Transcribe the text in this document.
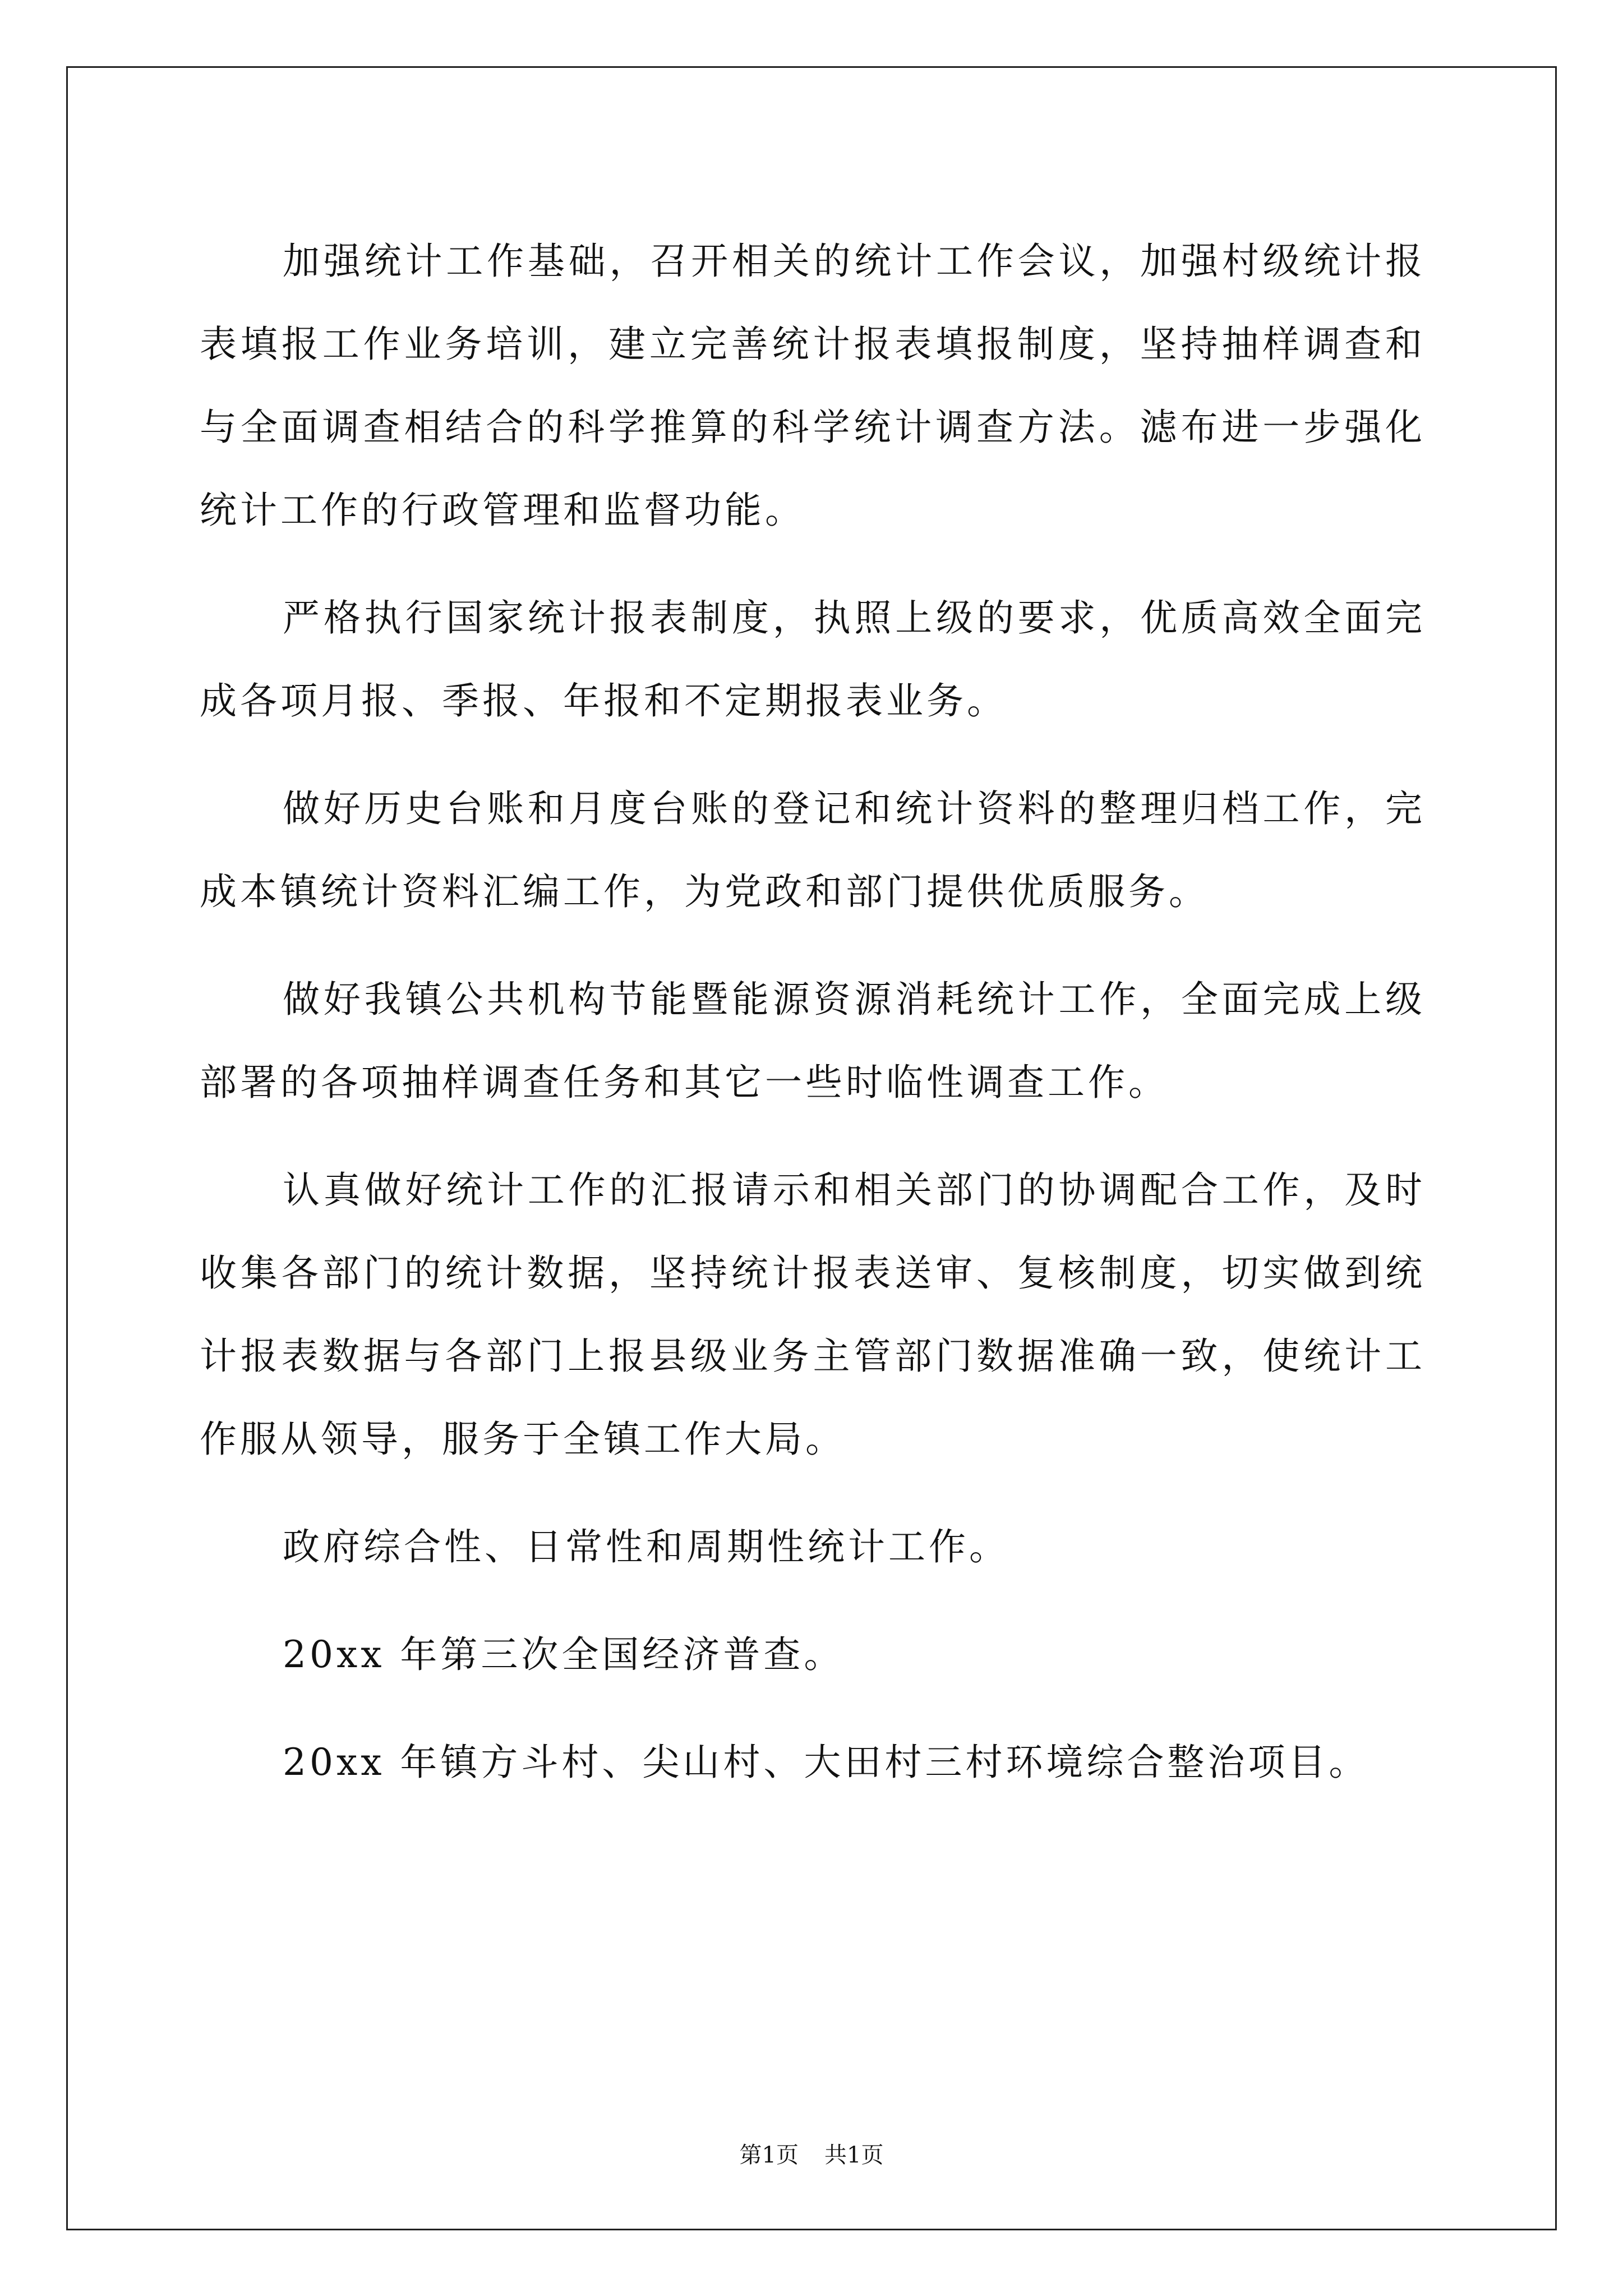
加强统计工作基础，召开相关的统计工作会议，加强村级统计报表填报工作业务培训，建立完善统计报表填报制度，坚持抽样调查和与全面调查相结合的科学推算的科学统计调查方法。滤布进一步强化统计工作的行政管理和监督功能。

严格执行国家统计报表制度，执照上级的要求，优质高效全面完成各项月报、季报、年报和不定期报表业务。

做好历史台账和月度台账的登记和统计资料的整理归档工作，完成本镇统计资料汇编工作，为党政和部门提供优质服务。

做好我镇公共机构节能暨能源资源消耗统计工作，全面完成上级部署的各项抽样调查任务和其它一些时临性调查工作。

认真做好统计工作的汇报请示和相关部门的协调配合工作，及时收集各部门的统计数据，坚持统计报表送审、复核制度，切实做到统计报表数据与各部门上报县级业务主管部门数据准确一致，使统计工作服从领导，服务于全镇工作大局。

政府综合性、日常性和周期性统计工作。

20xx 年第三次全国经济普查。

20xx 年镇方斗村、尖山村、大田村三村环境综合整治项目。

第1页 共1页
